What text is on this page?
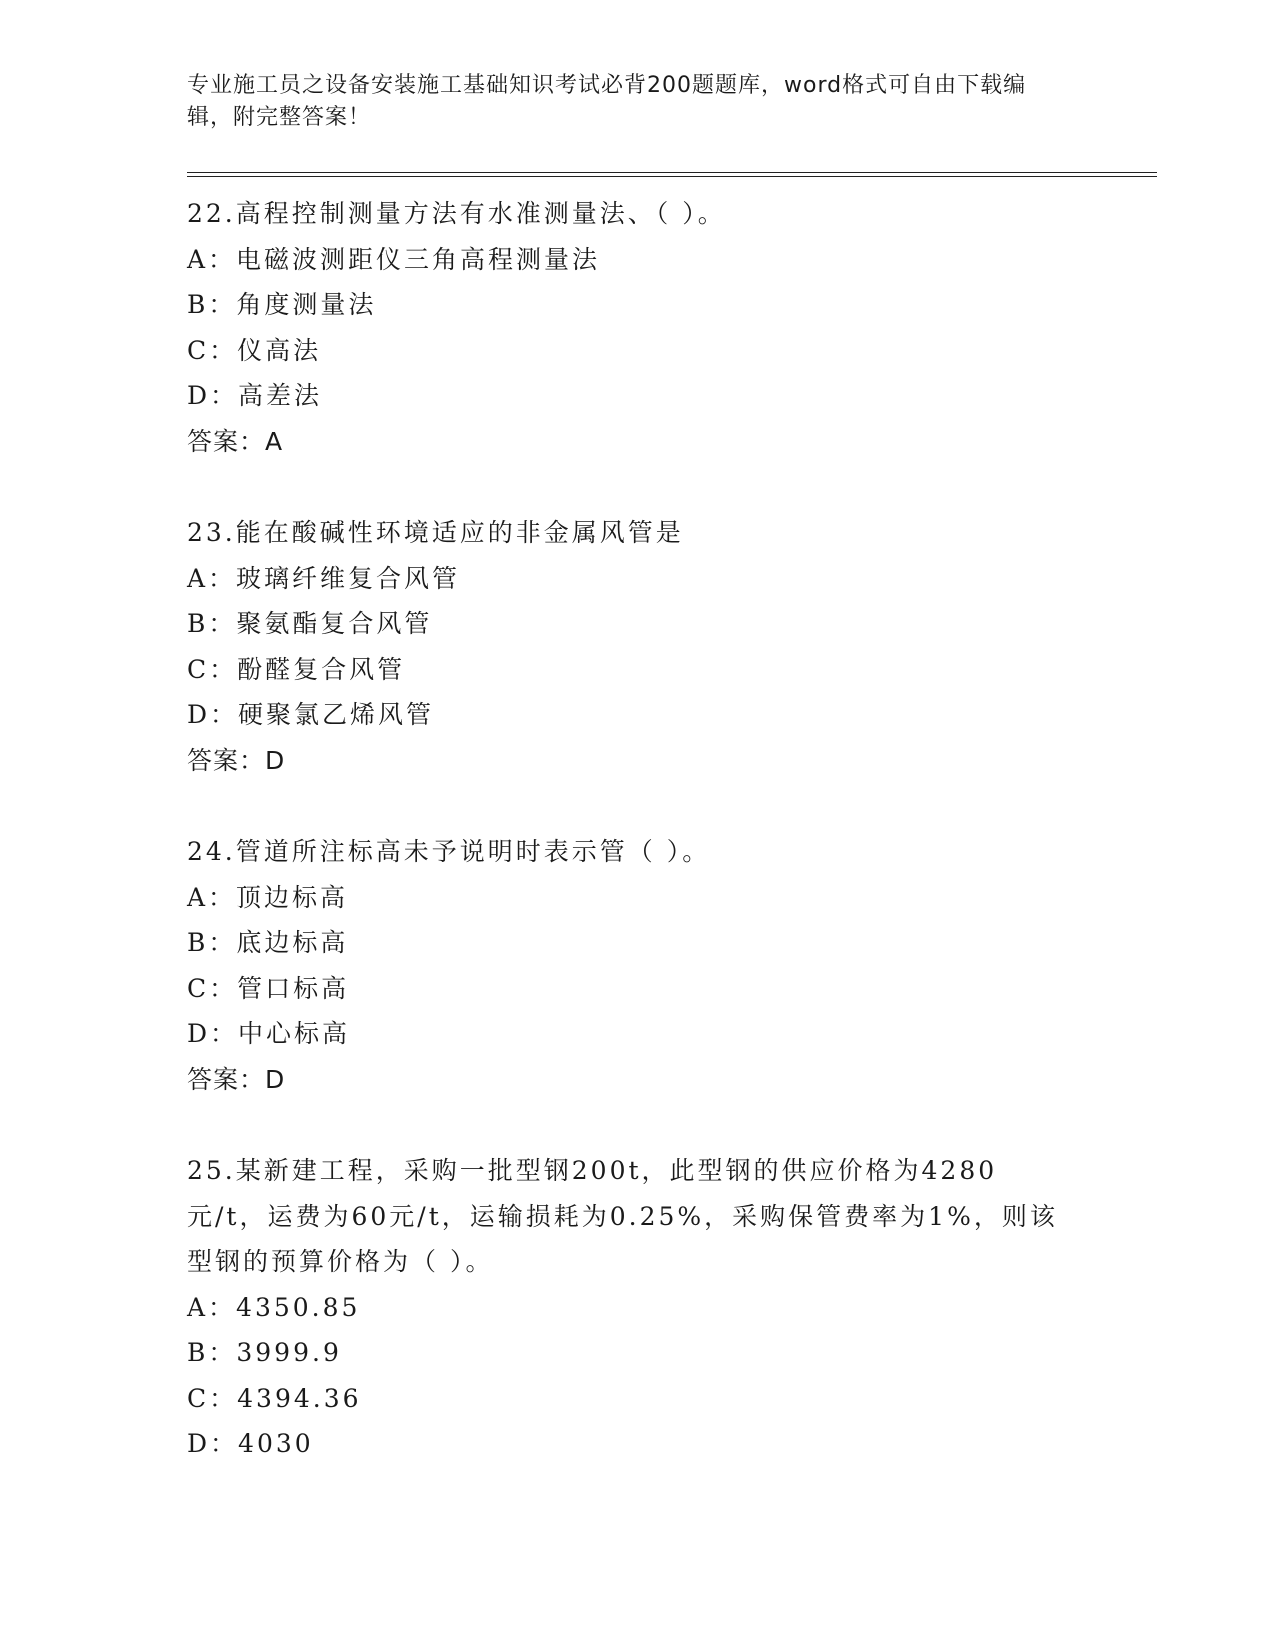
专业施工员之设备安装施工基础知识考试必背200题题库，word格式可自由下载编辑，附完整答案！
22.高程控制测量方法有水准测量法、（ ）。
A：电磁波测距仪三角高程测量法
B：角度测量法
C：仪高法
D：高差法
答案：A
23.能在酸碱性环境适应的非金属风管是
A：玻璃纤维复合风管
B：聚氨酯复合风管
C：酚醛复合风管
D：硬聚氯乙烯风管
答案：D
24.管道所注标高未予说明时表示管（ ）。
A：顶边标高
B：底边标高
C：管口标高
D：中心标高
答案：D
25.某新建工程，采购一批型钢200t，此型钢的供应价格为4280元/t，运费为60元/t，运输损耗为0.25%，采购保管费率为1%，则该型钢的预算价格为（ ）。
A：4350.85
B：3999.9
C：4394.36
D：4030
